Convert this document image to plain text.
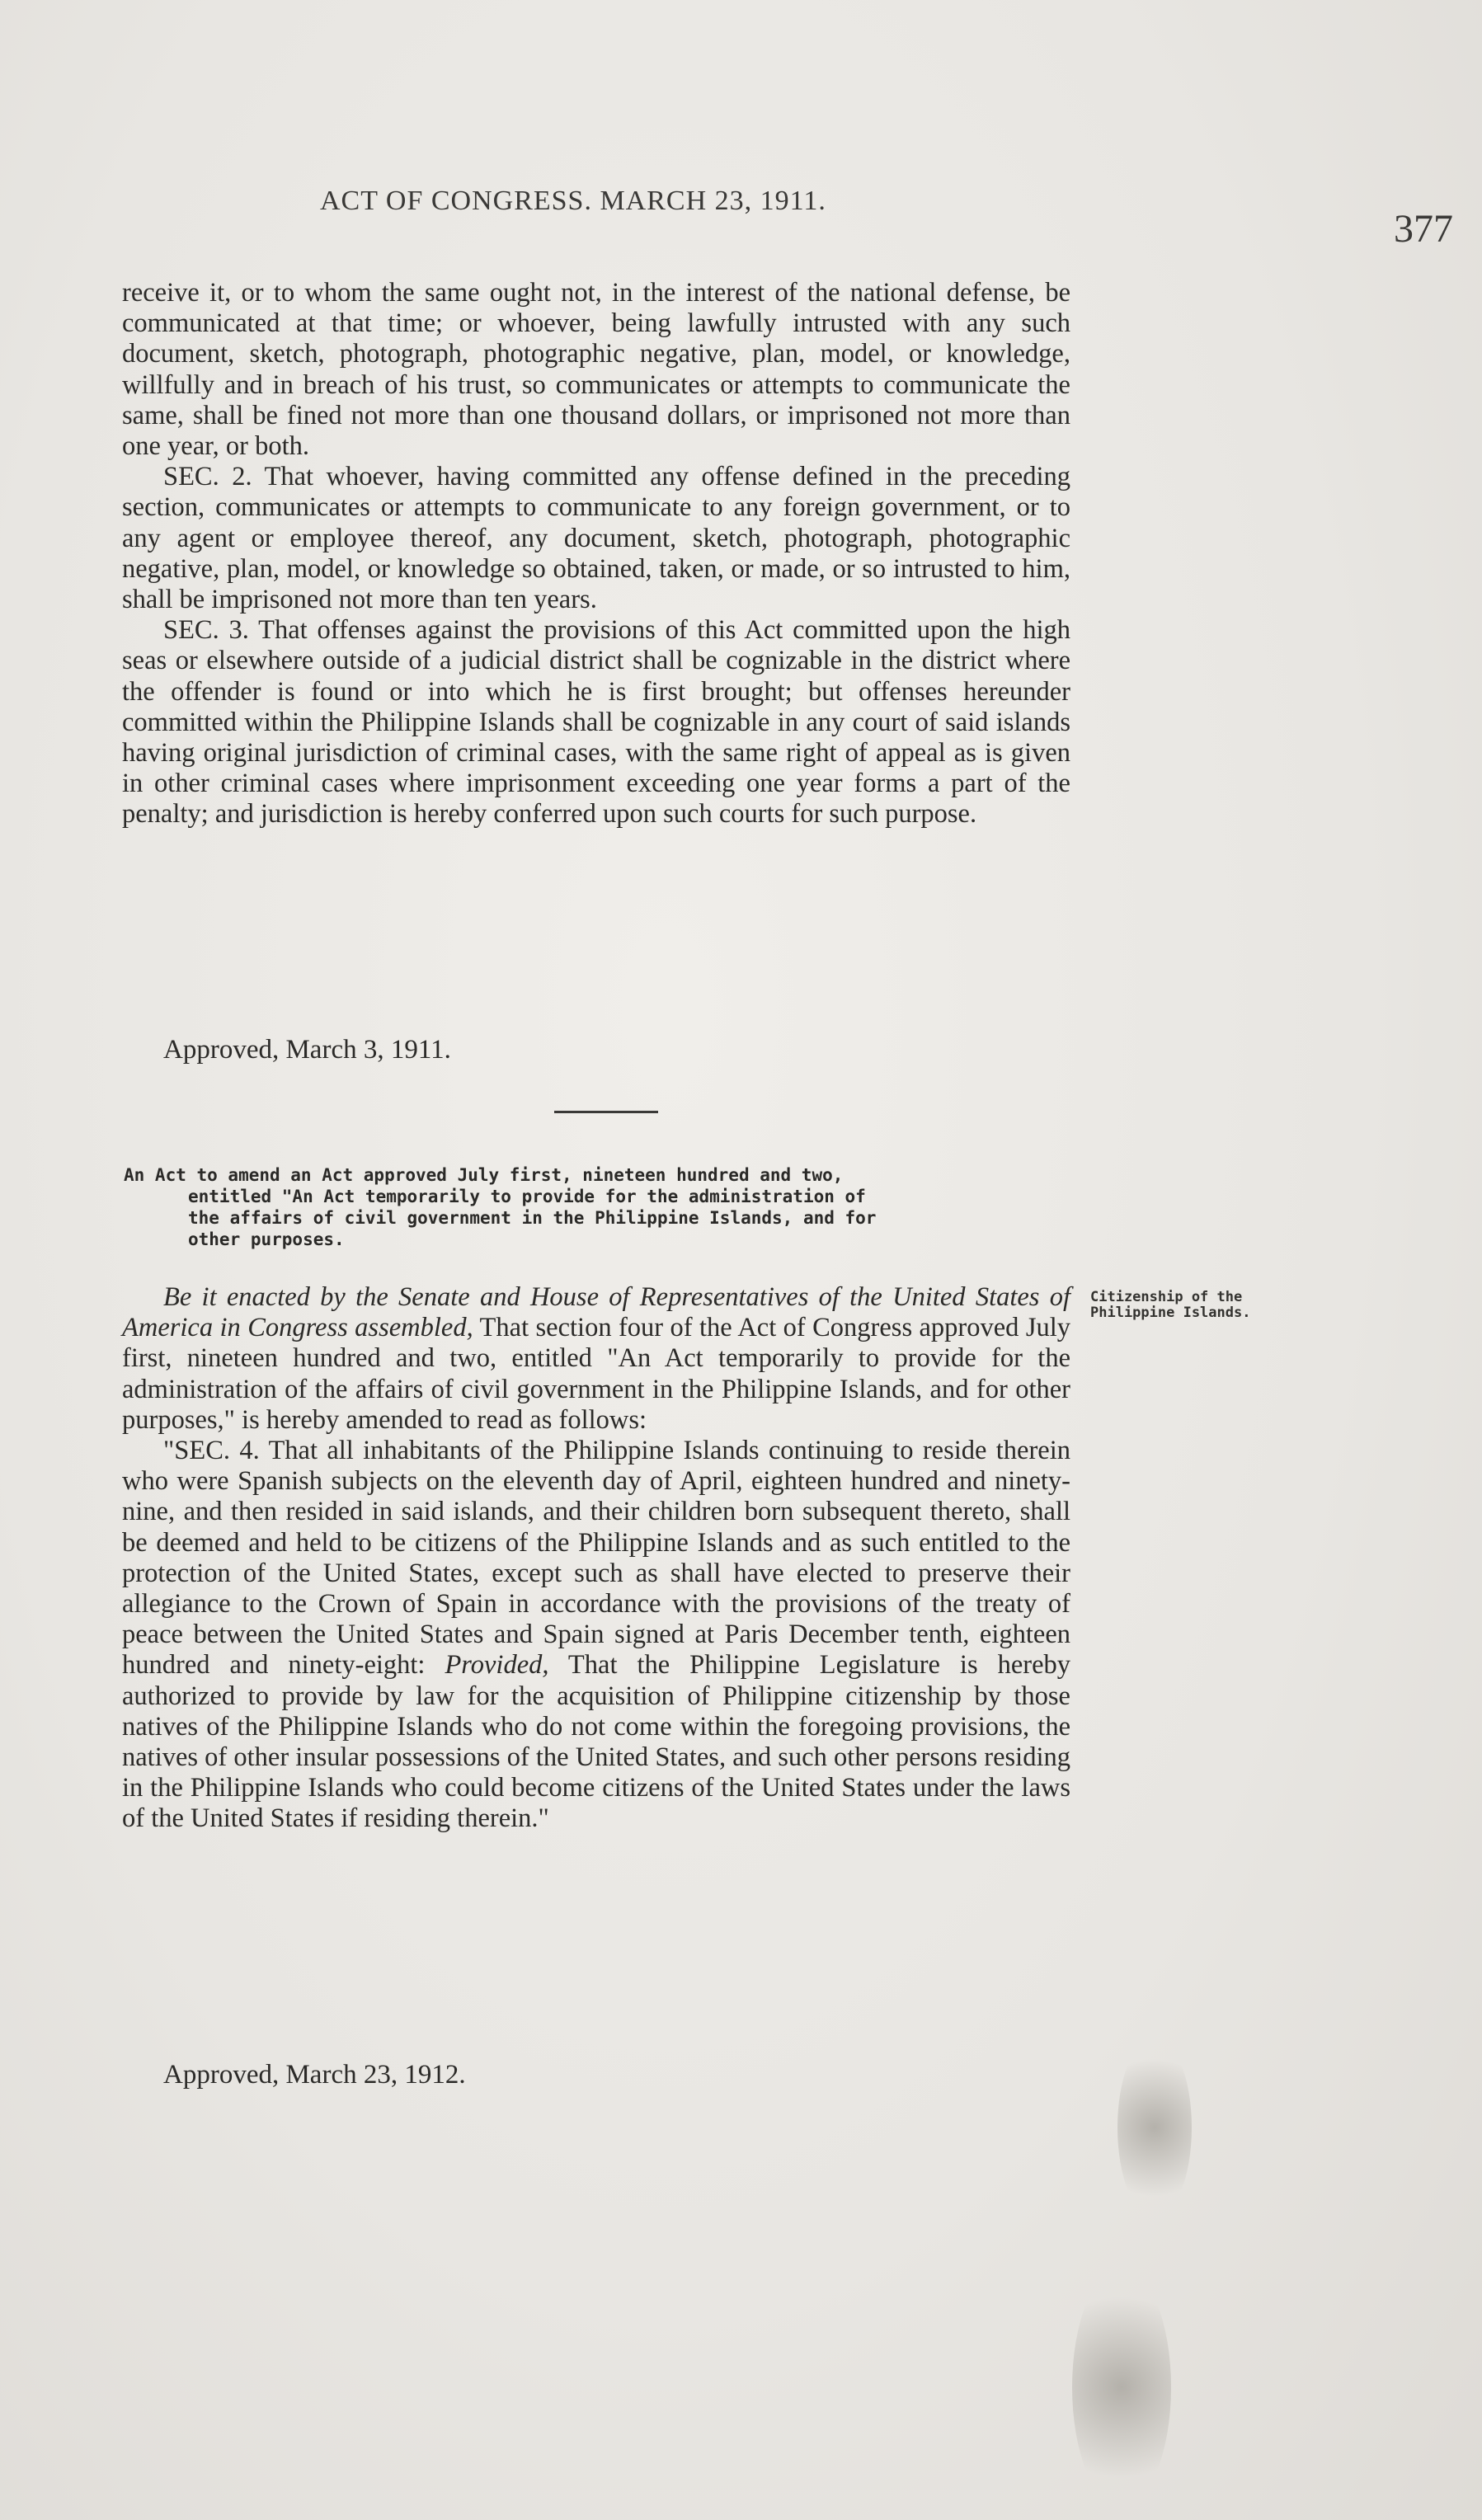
ACT OF CONGRESS. MARCH 23, 1911.
377

receive it, or to whom the same ought not, in the interest of the national defense, be communicated at that time; or whoever, being lawfully intrusted with any such document, sketch, photograph, photographic negative, plan, model, or knowledge, willfully and in breach of his trust, so communicates or attempts to communicate the same, shall be fined not more than one thousand dollars, or imprisoned not more than one year, or both.

SEC. 2. That whoever, having committed any offense defined in the preceding section, communicates or attempts to communicate to any foreign government, or to any agent or employee thereof, any document, sketch, photograph, photographic negative, plan, model, or knowledge so obtained, taken, or made, or so intrusted to him, shall be imprisoned not more than ten years.

SEC. 3. That offenses against the provisions of this Act committed upon the high seas or elsewhere outside of a judicial district shall be cognizable in the district where the offender is found or into which he is first brought; but offenses hereunder committed within the Philippine Islands shall be cognizable in any court of said islands having original jurisdiction of criminal cases, with the same right of appeal as is given in other criminal cases where imprisonment exceeding one year forms a part of the penalty; and jurisdiction is hereby conferred upon such courts for such purpose.

Approved, March 3, 1911.
An Act to amend an Act approved July first, nineteen hundred and two,
entitled "An Act temporarily to provide for the administration of
the affairs of civil government in the Philippine Islands, and for
other purposes.
Citizenship of the
Philippine Islands.

Be it enacted by the Senate and House of Representatives of the United States of America in Congress assembled, That section four of the Act of Congress approved July first, nineteen hundred and two, entitled "An Act temporarily to provide for the administration of the affairs of civil government in the Philippine Islands, and for other purposes," is hereby amended to read as follows:

"SEC. 4. That all inhabitants of the Philippine Islands continuing to reside therein who were Spanish subjects on the eleventh day of April, eighteen hundred and ninety-nine, and then resided in said islands, and their children born subsequent thereto, shall be deemed and held to be citizens of the Philippine Islands and as such entitled to the protection of the United States, except such as shall have elected to preserve their allegiance to the Crown of Spain in accordance with the provisions of the treaty of peace between the United States and Spain signed at Paris December tenth, eighteen hundred and ninety-eight: Provided, That the Philippine Legislature is hereby authorized to provide by law for the acquisition of Philippine citizenship by those natives of the Philippine Islands who do not come within the foregoing provisions, the natives of other insular possessions of the United States, and such other persons residing in the Philippine Islands who could become citizens of the United States under the laws of the United States if residing therein."

Approved, March 23, 1912.
